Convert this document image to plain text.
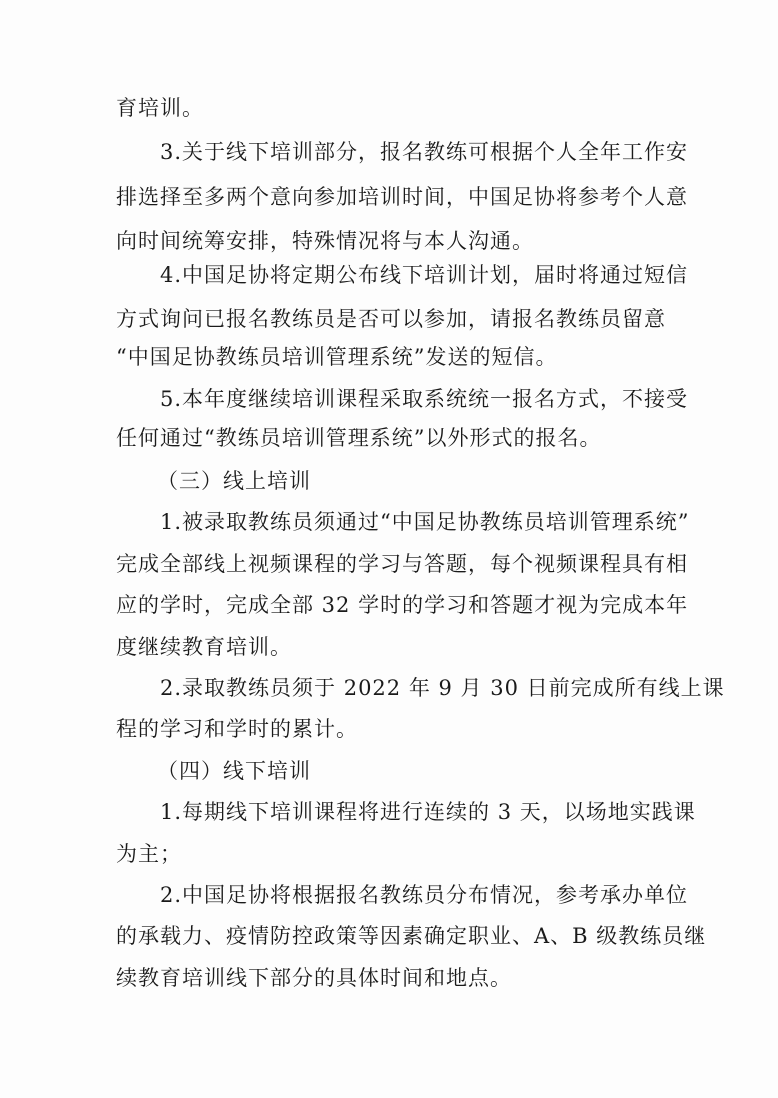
育培训。

3.关于线下培训部分，报名教练可根据个人全年工作安

排选择至多两个意向参加培训时间，中国足协将参考个人意

向时间统筹安排，特殊情况将与本人沟通。

4.中国足协将定期公布线下培训计划，届时将通过短信

方式询问已报名教练员是否可以参加，请报名教练员留意

“中国足协教练员培训管理系统”发送的短信。

5.本年度继续培训课程采取系统统一报名方式，不接受

任何通过“教练员培训管理系统”以外形式的报名。

（三）线上培训

1.被录取教练员须通过“中国足协教练员培训管理系统”

完成全部线上视频课程的学习与答题，每个视频课程具有相

应的学时，完成全部 32 学时的学习和答题才视为完成本年

度继续教育培训。

2.录取教练员须于 2022 年 9 月 30 日前完成所有线上课

程的学习和学时的累计。

（四）线下培训

1.每期线下培训课程将进行连续的 3 天，以场地实践课

为主；

2.中国足协将根据报名教练员分布情况，参考承办单位

的承载力、疫情防控政策等因素确定职业、A、B 级教练员继

续教育培训线下部分的具体时间和地点。
